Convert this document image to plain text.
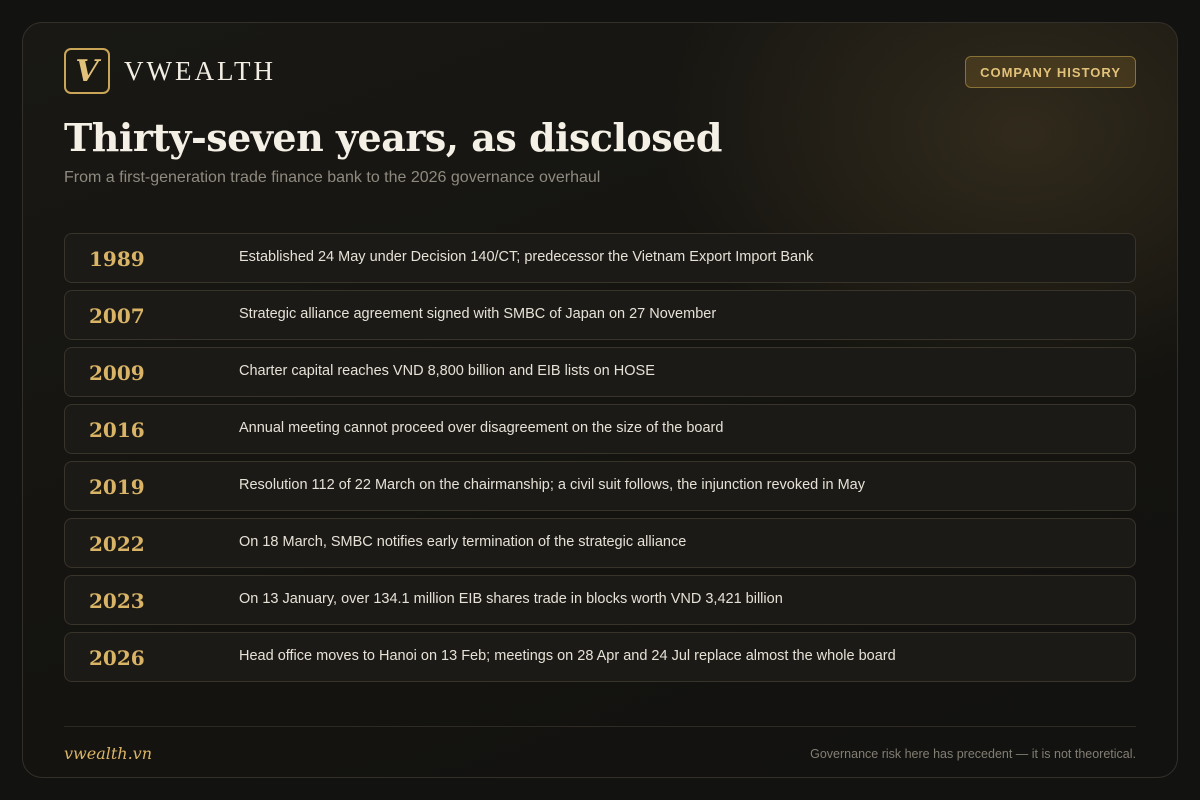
V VWEALTH	COMPANY HISTORY
Thirty-seven years, as disclosed
From a first-generation trade finance bank to the 2026 governance overhaul
1989	Established 24 May under Decision 140/CT; predecessor the Vietnam Export Import Bank
2007	Strategic alliance agreement signed with SMBC of Japan on 27 November
2009	Charter capital reaches VND 8,800 billion and EIB lists on HOSE
2016	Annual meeting cannot proceed over disagreement on the size of the board
2019	Resolution 112 of 22 March on the chairmanship; a civil suit follows, the injunction revoked in May
2022	On 18 March, SMBC notifies early termination of the strategic alliance
2023	On 13 January, over 134.1 million EIB shares trade in blocks worth VND 3,421 billion
2026	Head office moves to Hanoi on 13 Feb; meetings on 28 Apr and 24 Jul replace almost the whole board
vwealth.vn	Governance risk here has precedent — it is not theoretical.
